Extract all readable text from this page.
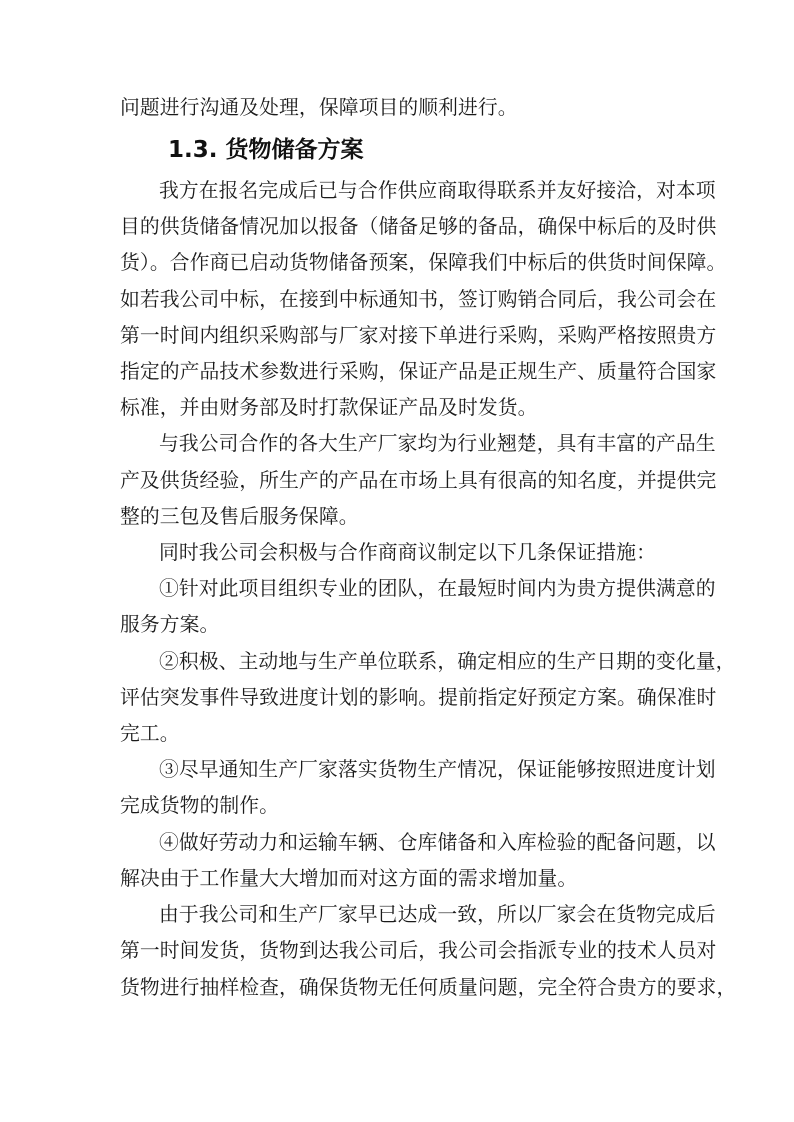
问题进行沟通及处理，保障项目的顺利进行。
1.3. 货物储备方案
我方在报名完成后已与合作供应商取得联系并友好接洽，对本项
目的供货储备情况加以报备（储备足够的备品，确保中标后的及时供
货）。合作商已启动货物储备预案，保障我们中标后的供货时间保障。
如若我公司中标，在接到中标通知书，签订购销合同后，我公司会在
第一时间内组织采购部与厂家对接下单进行采购，采购严格按照贵方
指定的产品技术参数进行采购，保证产品是正规生产、质量符合国家
标准，并由财务部及时打款保证产品及时发货。
与我公司合作的各大生产厂家均为行业翘楚，具有丰富的产品生
产及供货经验，所生产的产品在市场上具有很高的知名度，并提供完
整的三包及售后服务保障。
同时我公司会积极与合作商商议制定以下几条保证措施：
①针对此项目组织专业的团队，在最短时间内为贵方提供满意的
服务方案。
②积极、主动地与生产单位联系，确定相应的生产日期的变化量，
评估突发事件导致进度计划的影响。提前指定好预定方案。确保准时
完工。
③尽早通知生产厂家落实货物生产情况，保证能够按照进度计划
完成货物的制作。
④做好劳动力和运输车辆、仓库储备和入库检验的配备问题，以
解决由于工作量大大增加而对这方面的需求增加量。
由于我公司和生产厂家早已达成一致，所以厂家会在货物完成后
第一时间发货，货物到达我公司后，我公司会指派专业的技术人员对
货物进行抽样检查，确保货物无任何质量问题，完全符合贵方的要求，
